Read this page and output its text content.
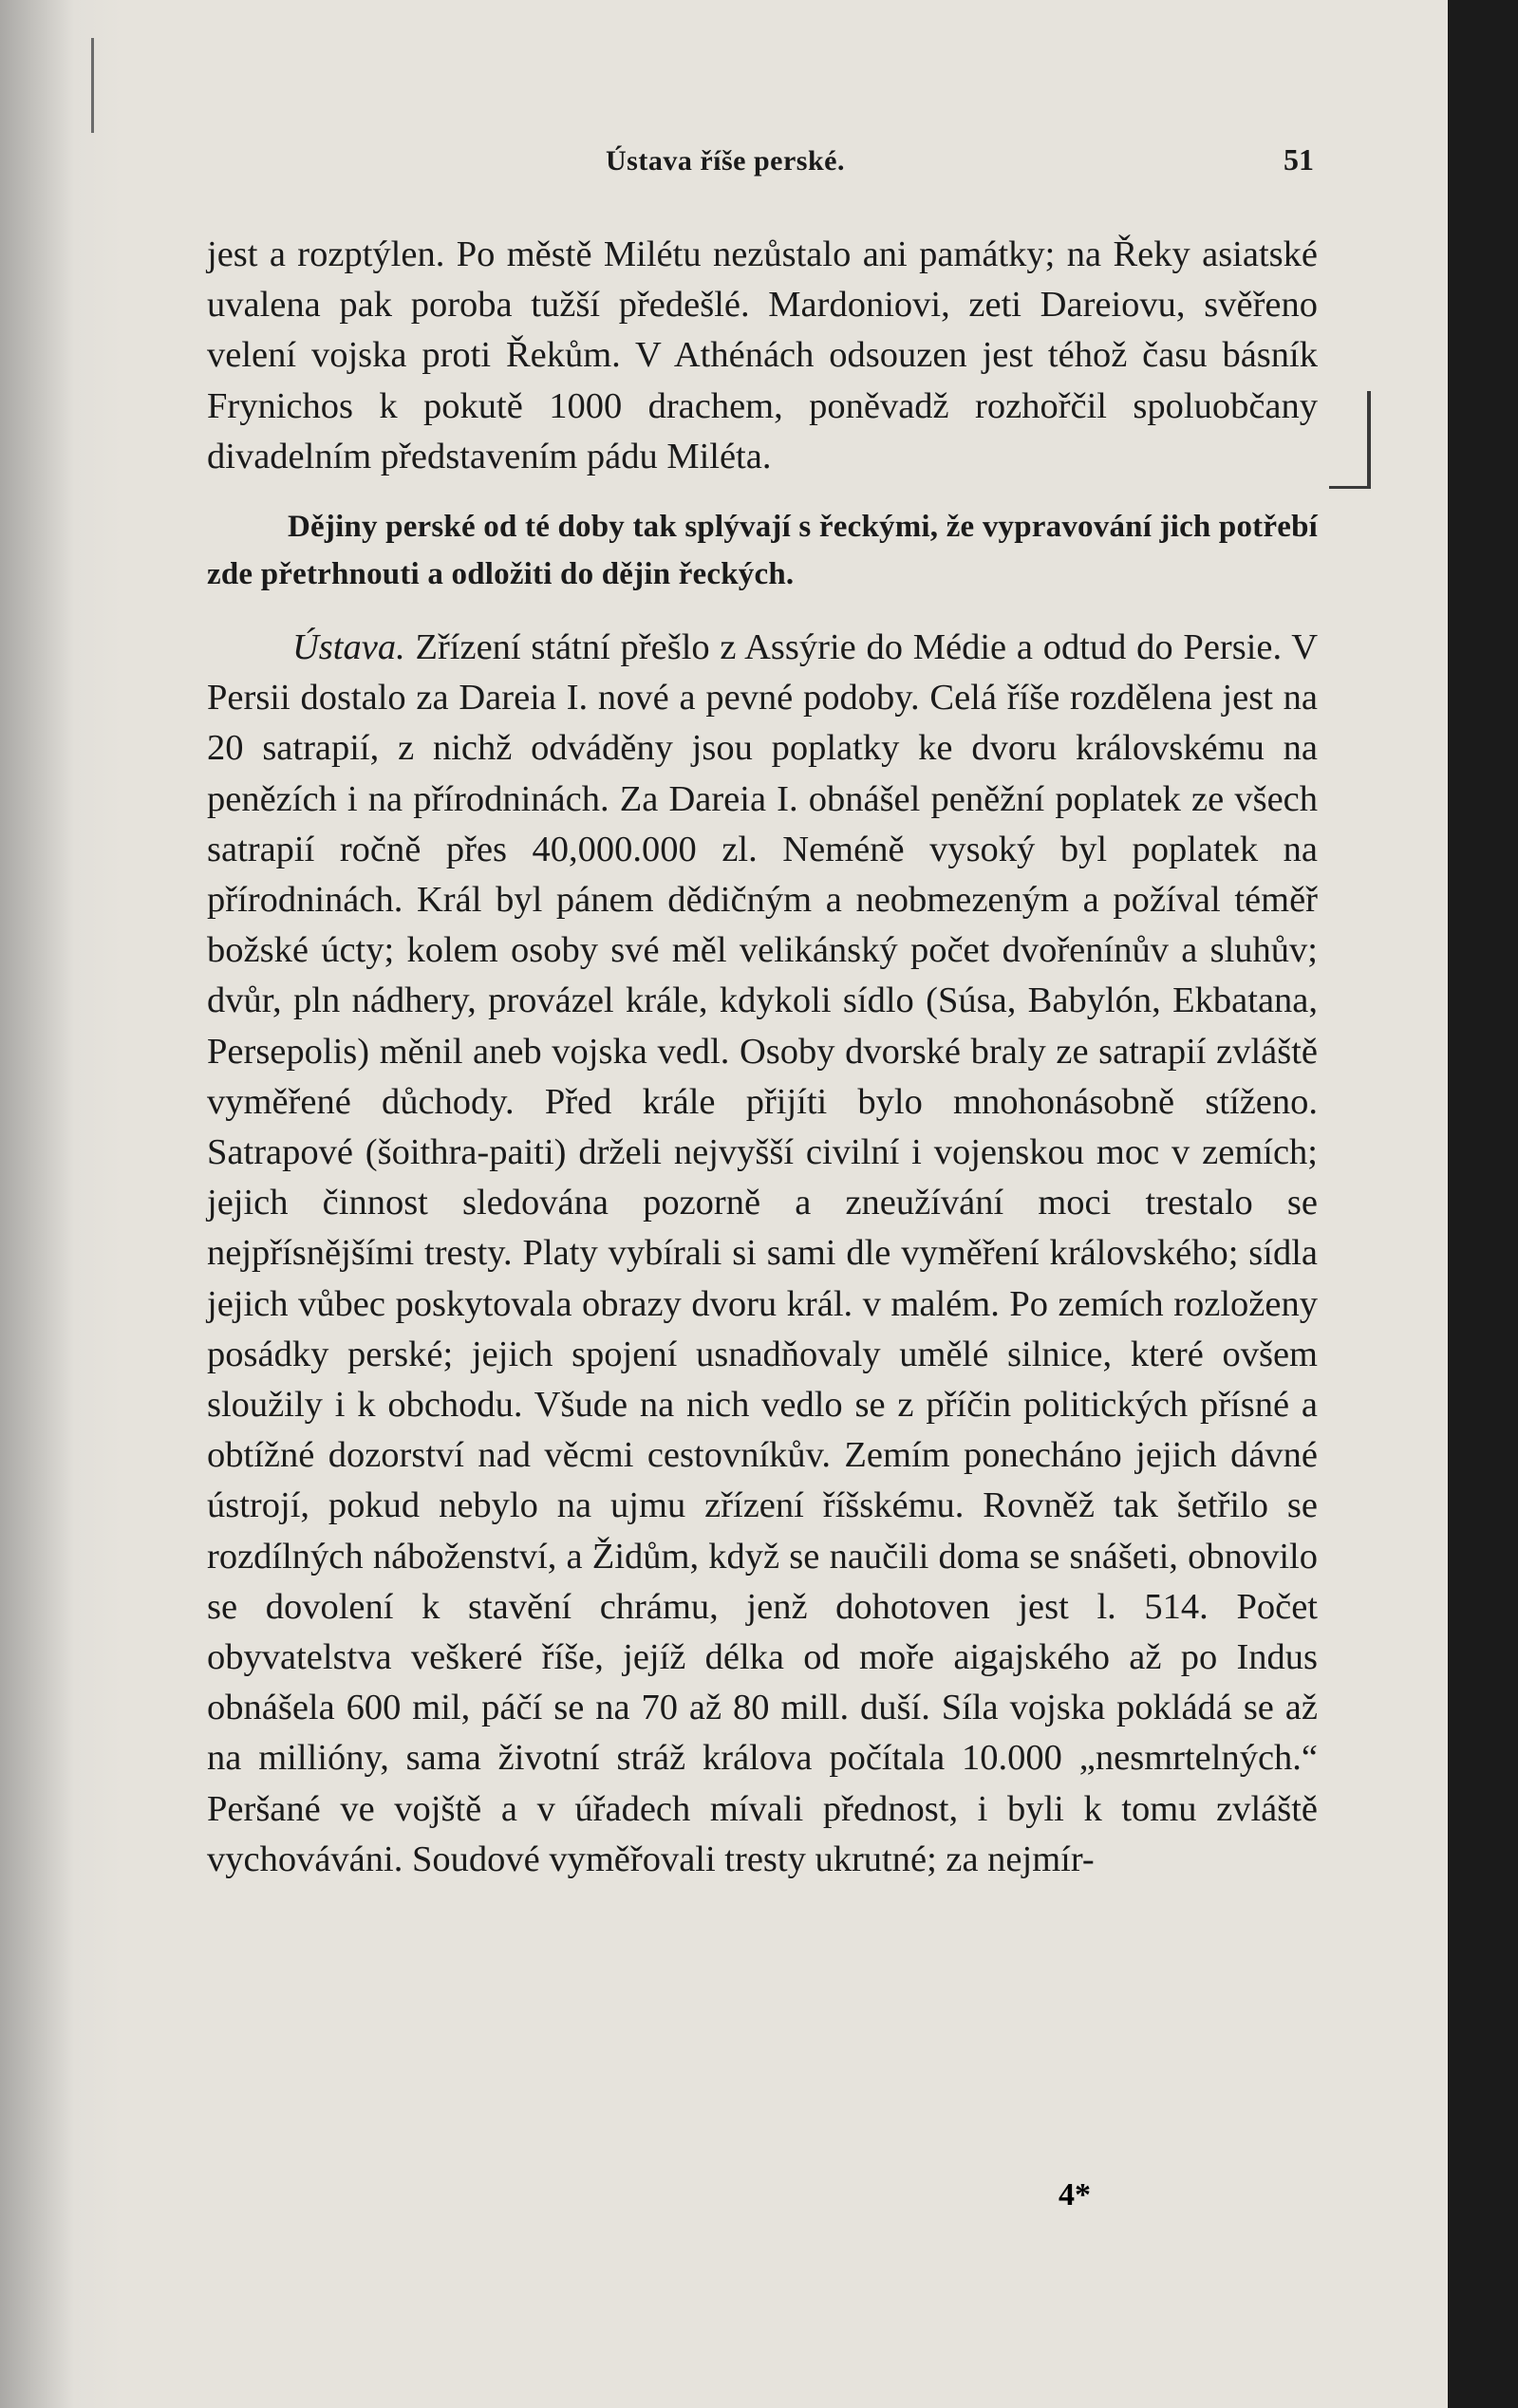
Ústava říše perské.	51

jest a rozptýlen. Po městě Milétu nezůstalo ani památky; na Řeky asiatské uvalena pak poroba tužší předešlé. Mardoniovi, zeti Dareiovu, svěřeno velení vojska proti Řekům. V Athénách odsouzen jest téhož času básník Frynichos k pokutě 1000 drachem, poněvadž rozhořčil spoluobčany divadelním představením pádu Miléta.

Dějiny perské od té doby tak splývají s řeckými, že vypravování jich potřebí zde přetrhnouti a odložiti do dějin řeckých.

Ústava. Zřízení státní přešlo z Assýrie do Médie a odtud do Persie. V Persii dostalo za Dareia I. nové a pevné podoby. Celá říše rozdělena jest na 20 satrapií, z nichž odváděny jsou poplatky ke dvoru královskému na penězích i na přírodninách. Za Dareia I. obnášel peněžní poplatek ze všech satrapií ročně přes 40,000.000 zl. Neméně vysoký byl poplatek na přírodninách. Král byl pánem dědičným a neobmezeným a požíval téměř božské úcty; kolem osoby své měl velikánský počet dvořenínův a sluhův; dvůr, pln nádhery, provázel krále, kdykoli sídlo (Súsa, Babylón, Ekbatana, Persepolis) měnil aneb vojska vedl. Osoby dvorské braly ze satrapií zvláště vyměřené důchody. Před krále přijíti bylo mnohonásobně stíženo. Satrapové (šoithra-paiti) drželi nejvyšší civilní i vojenskou moc v zemích; jejich činnost sledována pozorně a zneužívání moci trestalo se nejpřísnějšími tresty. Platy vybírali si sami dle vyměření královského; sídla jejich vůbec poskytovala obrazy dvoru král. v malém. Po zemích rozloženy posádky perské; jejich spojení usnadňovaly umělé silnice, které ovšem sloužily i k obchodu. Všude na nich vedlo se z příčin politických přísné a obtížné dozorství nad věcmi cestovníkův. Zemím ponecháno jejich dávné ústrojí, pokud nebylo na ujmu zřízení říšskému. Rovněž tak šetřilo se rozdílných náboženství, a Židům, když se naučili doma se snášeti, obnovilo se dovolení k stavění chrámu, jenž dohotoven jest l. 514. Počet obyvatelstva veškeré říše, jejíž délka od moře aigajského až po Indus obnášela 600 mil, páčí se na 70 až 80 mill. duší. Síla vojska pokládá se až na millióny, sama životní stráž králova počítala 10.000 „nesmrtelných.“ Peršané ve vojště a v úřadech mívali přednost, i byli k tomu zvláště vychováváni. Soudové vyměřovali tresty ukrutné; za nejmír-

4*
